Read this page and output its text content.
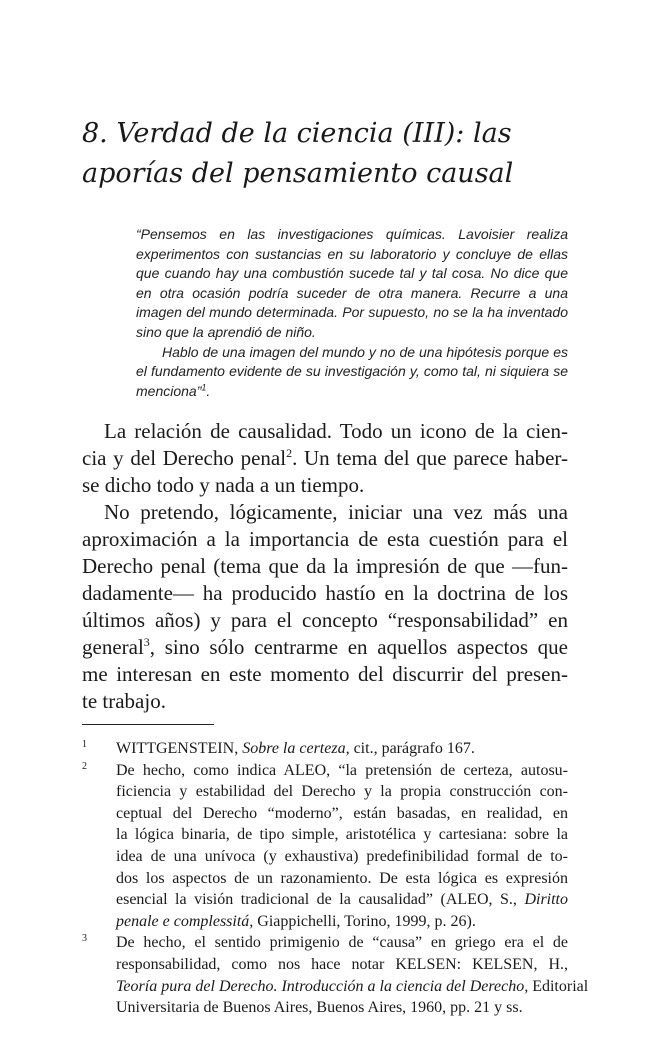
8. Verdad de la ciencia (III): las
aporías del pensamiento causal

“Pensemos en las investigaciones químicas. Lavoisier realiza experimentos con sustancias en su laboratorio y concluye de ellas que cuando hay una combustión sucede tal y tal cosa. No dice que en otra ocasión podría suceder de otra manera. Recurre a una imagen del mundo determinada. Por supuesto, no se la ha inventado sino que la aprendió de niño.

Hablo de una imagen del mundo y no de una hipótesis porque es el fundamento evidente de su investigación y, como tal, ni siquiera se menciona”$^1$.

La relación de causalidad. Todo un icono de la cien-
cia y del Derecho penal$^2$. Un tema del que parece haber-
se dicho todo y nada a un tiempo.
No pretendo, lógicamente, iniciar una vez más una
aproximación a la importancia de esta cuestión para el
Derecho penal (tema que da la impresión de que —fun-
dadamente— ha producido hastío en la doctrina de los
últimos años) y para el concepto “responsabilidad” en
general$^3$, sino sólo centrarme en aquellos aspectos que
me interesan en este momento del discurrir del presen-
te trabajo.
1 WITTGENSTEIN, Sobre la certeza, cit., parágrafo 167.
2 De hecho, como indica ALEO, “la pretensión de certeza, autosu-
ficiencia y estabilidad del Derecho y la propia construcción con-
ceptual del Derecho “moderno”, están basadas, en realidad, en
la lógica binaria, de tipo simple, aristotélica y cartesiana: sobre la
idea de una unívoca (y exhaustiva) predefinibilidad formal de to-
dos los aspectos de un razonamiento. De esta lógica es expresión
esencial la visión tradicional de la causalidad” (ALEO, S., Diritto
penale e complessitá, Giappichelli, Torino, 1999, p. 26).
3 De hecho, el sentido primigenio de “causa” en griego era el de
responsabilidad, como nos hace notar KELSEN: KELSEN, H.,
Teoría pura del Derecho. Introducción a la ciencia del Derecho, Editorial
Universitaria de Buenos Aires, Buenos Aires, 1960, pp. 21 y ss.
